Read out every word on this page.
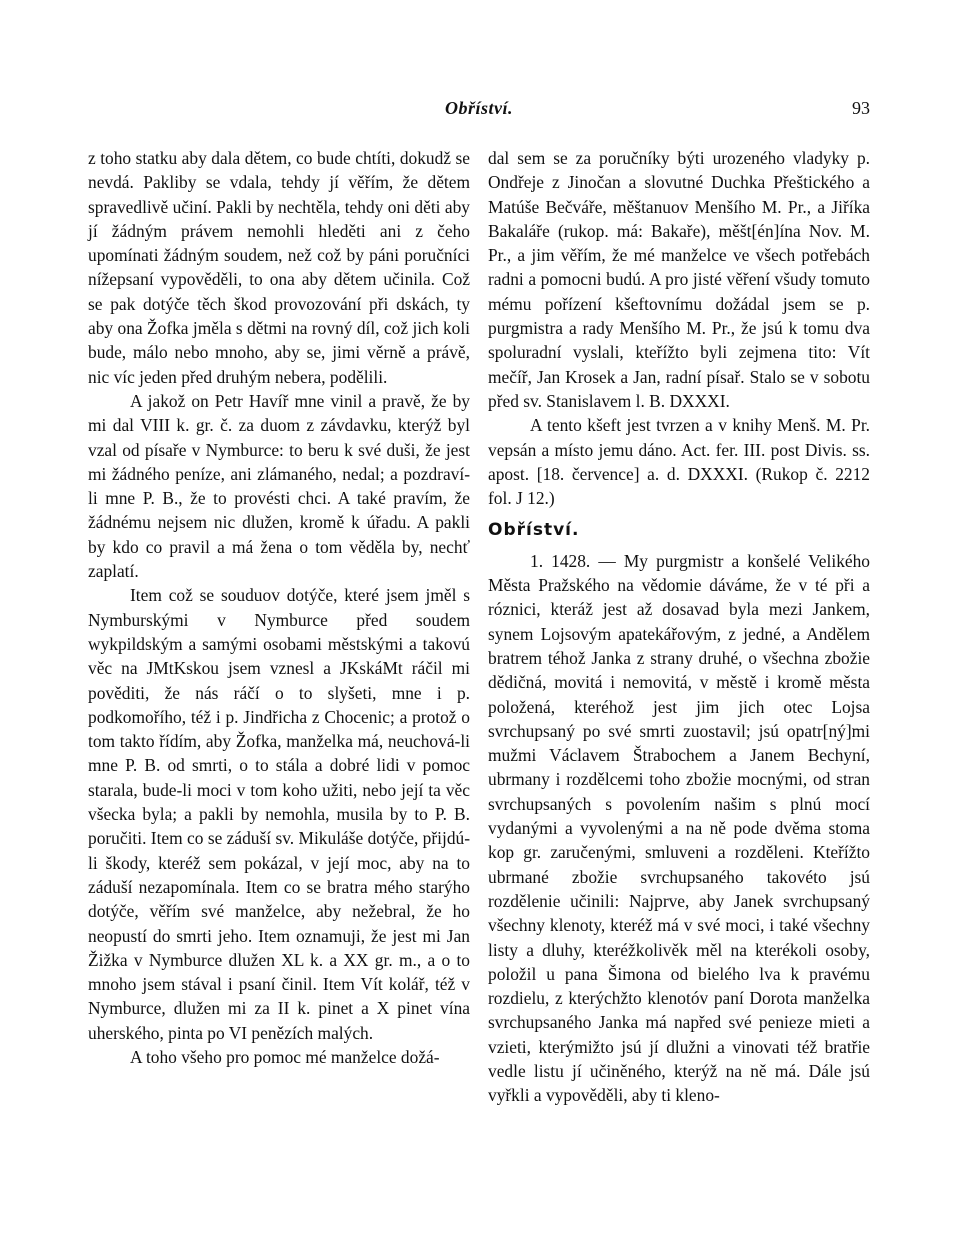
Obříství.	93

z toho statku aby dala dětem, co bude chtíti, dokudž se nevdá. Pakliby se vdala, tehdy jí věřím, že dětem spravedlivě učiní. Pakli by nechtěla, tehdy oni děti aby jí žádným právem nemohli hleděti ani z čeho upomínati žádným soudem, než což by páni poručníci nížepsaní vypověděli, to ona aby dětem učinila. Což se pak dotýče těch škod provozování při dskách, ty aby ona Žofka jměla s dětmi na rovný díl, což jich koli bude, málo nebo mnoho, aby se, jimi věrně a právě, nic víc jeden před druhým nebera, podělili.

A jakož on Petr Havíř mne vinil a pravě, že by mi dal VIII k. gr. č. za duom z závdavku, kterýž byl vzal od písaře v Nymburce: to beru k své duši, že jest mi žádného peníze, ani zlámaného, nedal; a pozdraví-li mne P. B., že to provésti chci. A také pravím, že žádnému nejsem nic dlužen, kromě k úřadu. A pakli by kdo co pravil a má žena o tom věděla by, nechť zaplatí.

Item což se souduov dotýče, které jsem jměl s Nymburskými v Nymburce před soudem wykpildským a samými osobami městskými a takovú věc na JMtKskou jsem vznesl a JKskáMt ráčil mi pověditi, že nás ráčí o to slyšeti, mne i p. podkomořího, též i p. Jindřicha z Chocenic; a protož o tom takto řídím, aby Žofka, manželka má, neuchová-li mne P. B. od smrti, o to stála a dobré lidi v pomoc starala, bude-li moci v tom koho užiti, nebo její ta věc všecka byla; a pakli by nemohla, musila by to P. B. poručiti. Item co se záduší sv. Mikuláše dotýče, přijdú-li škody, kteréž sem pokázal, v její moc, aby na to záduší nezapomínala. Item co se bratra mého starýho dotýče, věřím své manželce, aby nežebral, že ho neopustí do smrti jeho. Item oznamuji, že jest mi Jan Žižka v Nymburce dlužen XL k. a XX gr. m., a o to mnoho jsem stával i psaní činil. Item Vít kolář, též v Nymburce, dlužen mi za II k. pinet a X pinet vína uherského, pinta po VI penězích malých.

A toho všeho pro pomoc mé manželce dožá-

dal sem se za poručníky býti urozeného vladyky p. Ondřeje z Jinočan a slovutné Duchka Přeštického a Matúše Bečváře, měštanuov Menšího M. Pr., a Jiříka Bakaláře (rukop. má: Bakaře), měšt[én]ína Nov. M. Pr., a jim věřím, že mé manželce ve všech potřebách radni a pomocni budú. A pro jisté věření všudy tomuto mému pořízení kšeftovnímu dožádal jsem se p. purgmistra a rady Menšího M. Pr., že jsú k tomu dva spoluradní vyslali, kteřížto byli zejmena tito: Vít mečíř, Jan Krosek a Jan, radní písař. Stalo se v sobotu před sv. Stanislavem l. B. DXXXI.

A tento kšeft jest tvrzen a v knihy Menš. M. Pr. vepsán a místo jemu dáno. Act. fer. III. post Divis. ss. apost. [18. července] a. d. DXXXI. (Rukop č. 2212 fol. J 12.)

Obříství.

1. 1428. — My purgmistr a konšelé Velikého Města Pražského na vědomie dáváme, že v té při a róznici, kteráž jest až dosavad byla mezi Jankem, synem Lojsovým apatekářovým, z jedné, a Andělem bratrem téhož Janka z strany druhé, o všechna zbožie dědičná, movitá i nemovitá, v městě i kromě města položená, kteréhož jest jim jich otec Lojsa svrchupsaný po své smrti zuostavil; jsú opatr[ný]mi mužmi Václavem Štrabochem a Janem Bechyní, ubrmany i rozdělcemi toho zbožie mocnými, od stran svrchupsaných s povolením našim s plnú mocí vydanými a vyvolenými a na ně pode dvěma stoma kop gr. zaručenými, smluveni a rozděleni. Kteřížto ubrmané zbožie svrchupsaného takovéto jsú rozdělenie učinili: Najprve, aby Janek svrchupsaný všechny klenoty, kteréž má v své moci, i také všechny listy a dluhy, kteréžkolivěk měl na kterékoli osoby, položil u pana Šimona od bielého lva k pravému rozdielu, z kterýchžto klenotóv paní Dorota manželka svrchupsaného Janka má napřed své penieze mieti a vzieti, kterýmižto jsú jí dlužni a vinovati též bratřie vedle listu jí učiněného, kterýž na ně má. Dále jsú vyřkli a vypověděli, aby ti kleno-
